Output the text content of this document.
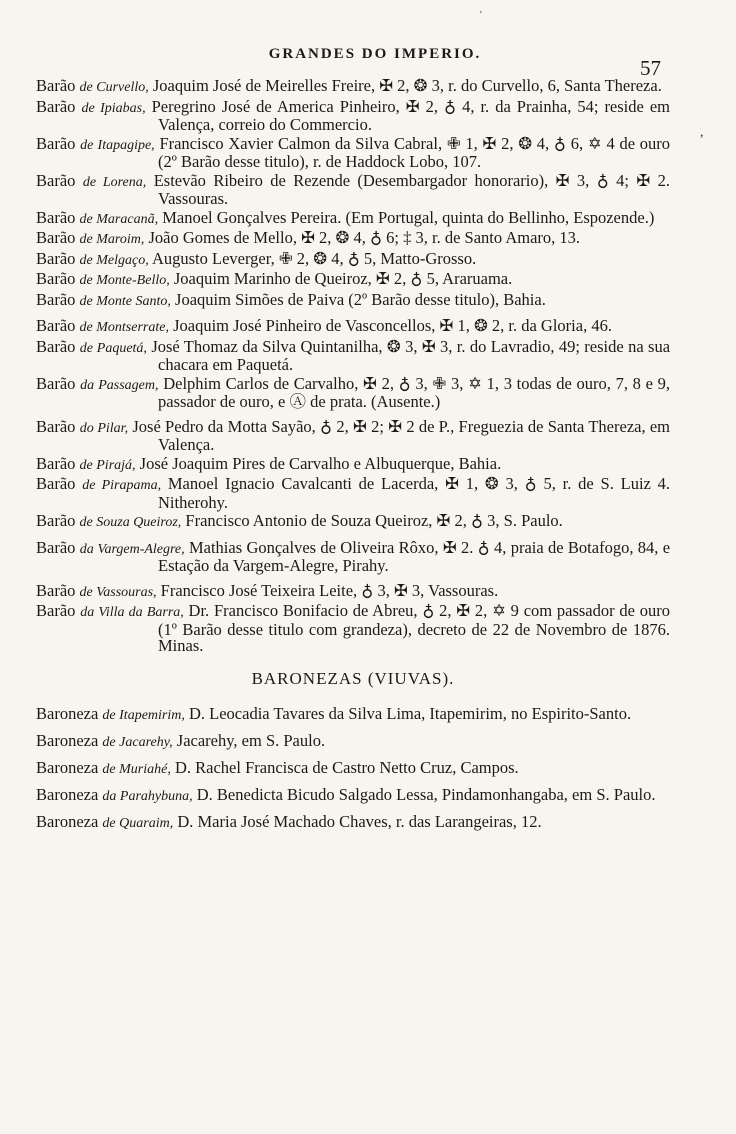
GRANDES DO IMPERIO.
57
Barão de Curvello, Joaquim José de Meirelles Freire, ✠ 2, ❂ 3, r. do Curvello, 6, Santa Thereza.
Barão de Ipiabas, Peregrino José de America Pinheiro, ✠ 2, ♁ 4, r. da Prainha, 54; reside em Valença, correio do Commercio.
Barão de Itapagipe, Francisco Xavier Calmon da Silva Cabral, ✙ 1, ✠ 2, ❂ 4, ♁ 6, ✡ 4 de ouro (2º Barão desse titulo), r. de Haddock Lobo, 107.
Barão de Lorena, Estevão Ribeiro de Rezende (Desembargador honorario), ✠ 3, ♁ 4; ✠ 2. Vassouras.
Barão de Maracanã, Manoel Gonçalves Pereira. (Em Portugal, quinta do Bellinho, Espozende.)
Barão de Maroim, João Gomes de Mello, ✠ 2, ❂ 4, ♁ 6; ‡ 3, r. de Santo Amaro, 13.
Barão de Melgaço, Augusto Leverger, ✙ 2, ❂ 4, ♁ 5, Matto-Grosso.
Barão de Monte-Bello, Joaquim Marinho de Queiroz, ✠ 2, ♁ 5, Araruama.
Barão de Monte Santo, Joaquim Simões de Paiva (2º Barão desse titulo), Bahia.
Barão de Montserrate, Joaquim José Pinheiro de Vasconcellos, ✠ 1, ❂ 2, r. da Gloria, 46.
Barão de Paquetá, José Thomaz da Silva Quintanilha, ❂ 3, ✠ 3, r. do Lavradio, 49; reside na sua chacara em Paquetá.
Barão da Passagem, Delphim Carlos de Carvalho, ✠ 2, ♁ 3, ✙ 3, ✡ 1, 3 todas de ouro, 7, 8 e 9, passador de ouro, e Ⓐ de prata. (Ausente.)
Barão do Pilar, José Pedro da Motta Sayão, ♁ 2, ✠ 2; ✠ 2 de P., Freguezia de Santa Thereza, em Valença.
Barão de Pirajá, José Joaquim Pires de Carvalho e Albuquerque, Bahia.
Barão de Pirapama, Manoel Ignacio Cavalcanti de Lacerda, ✠ 1, ❂ 3, ♁ 5, r. de S. Luiz 4. Nitherohy.
Barão de Souza Queiroz, Francisco Antonio de Souza Queiroz, ✠ 2, ♁ 3, S. Paulo.
Barão da Vargem-Alegre, Mathias Gonçalves de Oliveira Rôxo, ✠ 2. ♁ 4, praia de Botafogo, 84, e Estação da Vargem-Alegre, Pirahy.
Barão de Vassouras, Francisco José Teixeira Leite, ♁ 3, ✠ 3, Vassouras.
Barão da Villa da Barra, Dr. Francisco Bonifacio de Abreu, ♁ 2, ✠ 2, ✡ 9 com passador de ouro (1º Barão desse titulo com grandeza), decreto de 22 de Novembro de 1876. Minas.
BARONEZAS (VIUVAS).
Baroneza de Itapemirim, D. Leocadia Tavares da Silva Lima, Itapemirim, no Espirito-Santo.
Baroneza de Jacarehy, Jacarehy, em S. Paulo.
Baroneza de Muriahé, D. Rachel Francisca de Castro Netto Cruz, Campos.
Baroneza da Parahybuna, D. Benedicta Bicudo Salgado Lessa, Pindamonhangaba, em S. Paulo.
Baroneza de Quaraim, D. Maria José Machado Chaves, r. das Larangeiras, 12.
'
,
